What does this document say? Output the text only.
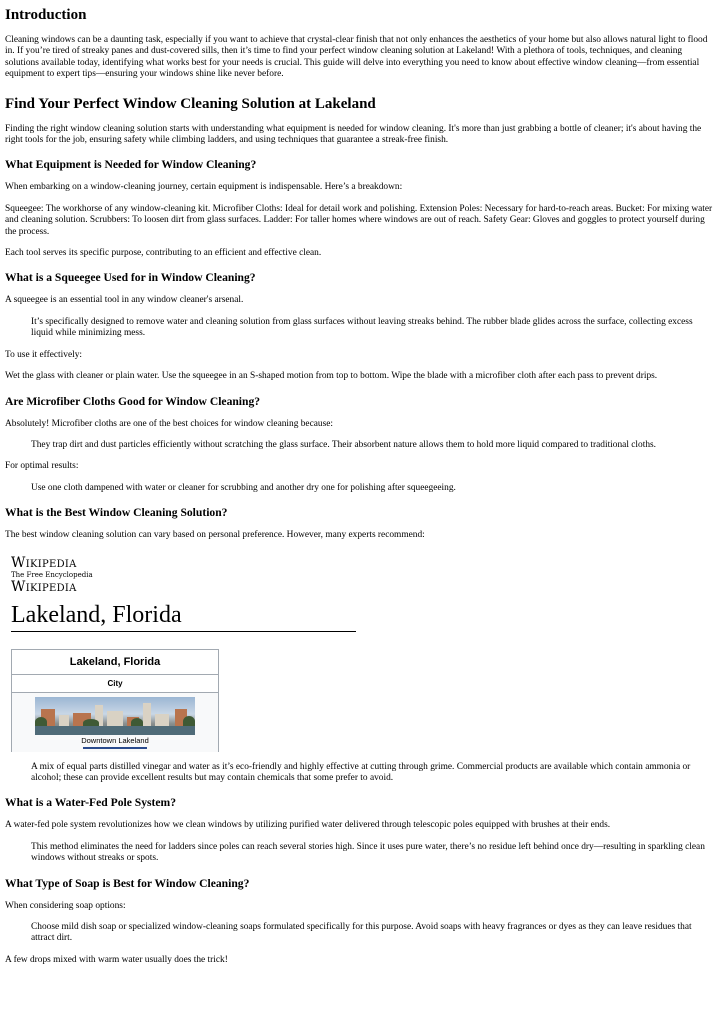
Introduction

Cleaning windows can be a daunting task, especially if you want to achieve that crystal-clear finish that not only enhances the aesthetics of your home but also allows natural light to flood in. If you’re tired of streaky panes and dust-covered sills, then it’s time to find your perfect window cleaning solution at Lakeland! With a plethora of tools, techniques, and cleaning solutions available today, identifying what works best for your needs is crucial. This guide will delve into everything you need to know about effective window cleaning—from essential equipment to expert tips—ensuring your windows shine like never before.

Find Your Perfect Window Cleaning Solution at Lakeland

Finding the right window cleaning solution starts with understanding what equipment is needed for window cleaning. It's more than just grabbing a bottle of cleaner; it's about having the right tools for the job, ensuring safety while climbing ladders, and using techniques that guarantee a streak-free finish.

What Equipment is Needed for Window Cleaning?

When embarking on a window-cleaning journey, certain equipment is indispensable. Here’s a breakdown:

Squeegee: The workhorse of any window-cleaning kit. Microfiber Cloths: Ideal for detail work and polishing. Extension Poles: Necessary for hard-to-reach areas. Bucket: For mixing water and cleaning solution. Scrubbers: To loosen dirt from glass surfaces. Ladder: For taller homes where windows are out of reach. Safety Gear: Gloves and goggles to protect yourself during the process.

Each tool serves its specific purpose, contributing to an efficient and effective clean.

What is a Squeegee Used for in Window Cleaning?

A squeegee is an essential tool in any window cleaner's arsenal.

It’s specifically designed to remove water and cleaning solution from glass surfaces without leaving streaks behind. The rubber blade glides across the surface, collecting excess liquid while minimizing mess.

To use it effectively:

Wet the glass with cleaner or plain water. Use the squeegee in an S-shaped motion from top to bottom. Wipe the blade with a microfiber cloth after each pass to prevent drips.

Are Microfiber Cloths Good for Window Cleaning?

Absolutely! Microfiber cloths are one of the best choices for window cleaning because:

They trap dirt and dust particles efficiently without scratching the glass surface. Their absorbent nature allows them to hold more liquid compared to traditional cloths.

For optimal results:

Use one cloth dampened with water or cleaner for scrubbing and another dry one for polishing after squeegeeing.
What is the Best Window Cleaning Solution?

The best window cleaning solution can vary based on personal preference. However, many experts recommend:

Wikipedia
The Free Encyclopedia
Wikipedia
Lakeland, Florida
Lakeland, Florida
City
Downtown Lakeland
A mix of equal parts distilled vinegar and water as it’s eco-friendly and highly effective at cutting through grime. Commercial products are available which contain ammonia or alcohol; these can provide excellent results but may contain chemicals that some prefer to avoid.
What is a Water-Fed Pole System?

A water-fed pole system revolutionizes how we clean windows by utilizing purified water delivered through telescopic poles equipped with brushes at their ends.

This method eliminates the need for ladders since poles can reach several stories high. Since it uses pure water, there’s no residue left behind once dry—resulting in sparkling clean windows without streaks or spots.
What Type of Soap is Best for Window Cleaning?

When considering soap options:

Choose mild dish soap or specialized window-cleaning soaps formulated specifically for this purpose. Avoid soaps with heavy fragrances or dyes as they can leave residues that attract dirt.

A few drops mixed with warm water usually does the trick!
